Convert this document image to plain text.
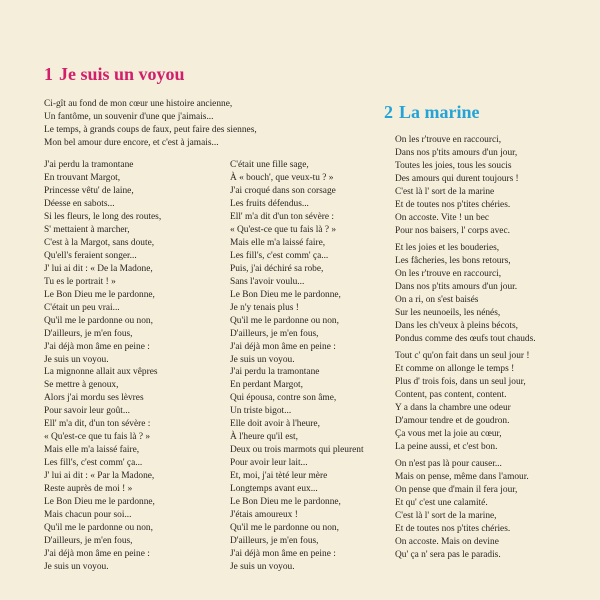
1 Je suis un voyou
Ci-gît au fond de mon cœur une histoire ancienne,
Un fantôme, un souvenir d'une que j'aimais...
Le temps, à grands coups de faux, peut faire des siennes,
Mon bel amour dure encore, et c'est à jamais...
J'ai perdu la tramontane
En trouvant Margot,
Princesse vêtu' de laine,
Déesse en sabots...
Si les fleurs, le long des routes,
S' mettaient à marcher,
C'est à la Margot, sans doute,
Qu'ell's feraient songer...
J' lui ai dit : « De la Madone,
Tu es le portrait ! »
Le Bon Dieu me le pardonne,
C'était un peu vrai...
Qu'il me le pardonne ou non,
D'ailleurs, je m'en fous,
J'ai déjà mon âme en peine :
Je suis un voyou.
La mignonne allait aux vêpres
Se mettre à genoux,
Alors j'ai mordu ses lèvres
Pour savoir leur goût...
Ell' m'a dit, d'un ton sévère :
« Qu'est-ce que tu fais là ? »
Mais elle m'a laissé faire,
Les fill's, c'est comm' ça...
J' lui ai dit : « Par la Madone,
Reste auprès de moi ! »
Le Bon Dieu me le pardonne,
Mais chacun pour soi...
Qu'il me le pardonne ou non,
D'ailleurs, je m'en fous,
J'ai déjà mon âme en peine :
Je suis un voyou.
C'était une fille sage,
À « bouch', que veux-tu ? »
J'ai croqué dans son corsage
Les fruits défendus...
Ell' m'a dit d'un ton sévère :
« Qu'est-ce que tu fais là ? »
Mais elle m'a laissé faire,
Les fill's, c'est comm' ça...
Puis, j'ai déchiré sa robe,
Sans l'avoir voulu...
Le Bon Dieu me le pardonne,
Je n'y tenais plus !
Qu'il me le pardonne ou non,
D'ailleurs, je m'en fous,
J'ai déjà mon âme en peine :
Je suis un voyou.
J'ai perdu la tramontane
En perdant Margot,
Qui épousa, contre son âme,
Un triste bigot...
Elle doit avoir à l'heure,
À l'heure qu'il est,
Deux ou trois marmots qui pleurent
Pour avoir leur lait...
Et, moi, j'ai tèté leur mère
Longtemps avant eux...
Le Bon Dieu me le pardonne,
J'étais amoureux !
Qu'il me le pardonne ou non,
D'ailleurs, je m'en fous,
J'ai déjà mon âme en peine :
Je suis un voyou.
2 La marine
On les r'trouve en raccourci,
Dans nos p'tits amours d'un jour,
Toutes les joies, tous les soucis
Des amours qui durent toujours !
C'est là l' sort de la marine
Et de toutes nos p'tites chéries.
On accoste. Vite ! un bec
Pour nos baisers, l' corps avec.
Et les joies et les bouderies,
Les fâcheries, les bons retours,
On les r'trouve en raccourci,
Dans nos p'tits amours d'un jour.
On a ri, on s'est baisés
Sur les neunoeils, les nénés,
Dans les ch'veux à pleins bécots,
Pondus comme des œufs tout chauds.
Tout c' qu'on fait dans un seul jour !
Et comme on allonge le temps !
Plus d' trois fois, dans un seul jour,
Content, pas content, content.
Y a dans la chambre une odeur
D'amour tendre et de goudron.
Ça vous met la joie au cœur,
La peine aussi, et c'est bon.
On n'est pas là pour causer...
Mais on pense, même dans l'amour.
On pense que d'main il fera jour,
Et qu' c'est une calamité.
C'est là l' sort de la marine,
Et de toutes nos p'tites chéries.
On accoste. Mais on devine
Qu' ça n' sera pas le paradis.
